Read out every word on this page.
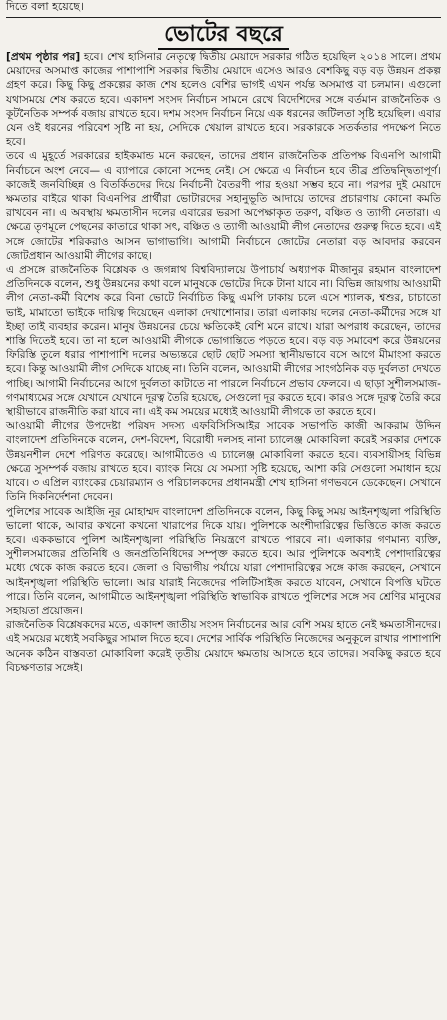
দিতে বলা হয়েছে।
ভোটের বছরে

[প্রথম পৃষ্ঠার পর] হবে। শেখ হাসিনার নেতৃত্বে দ্বিতীয় মেয়াদে সরকার গঠিত হয়েছিল ২০১৪ সালে। প্রথম মেয়াদের অসমাপ্ত কাজের পাশাপাশি সরকার দ্বিতীয় মেয়াদে এসেও আরও বেশকিছু বড় বড় উন্নয়ন প্রকল্প গ্রহণ করে। কিছু কিছু প্রকল্পের কাজ শেষ হলেও বেশির ভাগই এখন পর্যন্ত অসমাপ্ত বা চলমান। এগুলো যথাসময়ে শেষ করতে হবে। একাদশ সংসদ নির্বাচন সামনে রেখে বিদেশিদের সঙ্গে বর্তমান রাজনৈতিক ও কূটনৈতিক সম্পর্ক বজায় রাখতে হবে। দশম সংসদ নির্বাচন নিয়ে এক ধরনের জটিলতা সৃষ্টি হয়েছিল। এবার যেন ওই ধরনের পরিবেশ সৃষ্টি না হয়, সেদিকে খেয়াল রাখতে হবে। সরকারকে সতর্কতার পদক্ষেপ নিতে হবে।

তবে এ মুহূর্তে সরকারের হাইকমান্ড মনে করছেন, তাদের প্রধান রাজনৈতিক প্রতিপক্ষ বিএনপি আগামী নির্বাচনে অংশ নেবে— এ ব্যাপারে কোনো সন্দেহ নেই। সে ক্ষেত্রে এ নির্বাচন হবে তীব্র প্রতিদ্বন্দ্বিতাপূর্ণ। কাজেই জনবিচ্ছিন্ন ও বিতর্কিতদের দিয়ে নির্বাচনী বৈতরণী পার হওয়া সম্ভব হবে না। পরপর দুই মেয়াদে ক্ষমতার বাইরে থাকা বিএনপির প্রার্থীরা ভোটারদের সহানুভূতি আদায়ে তাদের প্রচারণায় কোনো কমতি রাখবেন না। এ অবস্থায় ক্ষমতাসীন দলের এবারের ভরসা অপেক্ষাকৃত তরুণ, বঞ্চিত ও ত্যাগী নেতারা। এ ক্ষেত্রে তৃণমূলে পেছনের কাতারে থাকা সৎ, বঞ্চিত ও ত্যাগী আওয়ামী লীগ নেতাদের গুরুত্ব দিতে হবে। এই সঙ্গে জোটের শরিকরাও আসন ভাগাভাগি। আগামী নির্বাচনে জোটের নেতারা বড় আবদার করবেন জোটপ্রধান আওয়ামী লীগের কাছে।

এ প্রসঙ্গে রাজনৈতিক বিশ্লেষক ও জগন্নাথ বিশ্ববিদ্যালয়ে উপাচার্য অধ্যাপক মীজানুর রহমান বাংলাদেশ প্রতিদিনকে বলেন, শুধু উন্নয়নের কথা বলে মানুষকে ভোটের দিকে টানা যাবে না। বিভিন্ন জায়গায় আওয়ামী লীগ নেতা-কর্মী বিশেষ করে বিনা ভোটে নির্বাচিত কিছু এমপি ঢাকায় চলে এসে শ্যালক, শ্বশুর, চাচাতো ভাই, মামাতো ভাইকে দায়িত্ব দিয়েছেন এলাকা দেখাশোনার। তারা এলাকায় দলের নেতা-কর্মীদের সঙ্গে যা ইচ্ছা তাই ব্যবহার করেন। মানুষ উন্নয়নের চেয়ে ক্ষতিকেই বেশি মনে রাখে। যারা অপরাধ করেছেন, তাদের শাস্তি দিতেই হবে। তা না হলে আওয়ামী লীগকে ভোগান্তিতে পড়তে হবে। বড় বড় সমাবেশ করে উন্নয়নের ফিরিস্তি তুলে ধরার পাশাপাশি দলের অভ্যন্তরে ছোট ছোট সমস্যা স্থানীয়ভাবে বসে আগে মীমাংসা করতে হবে। কিন্তু আওয়ামী লীগ সেদিকে যাচ্ছে না। তিনি বলেন, আওয়ামী লীগের সাংগঠনিক বড় দুর্বলতা দেখতে পাচ্ছি। আগামী নির্বাচনের আগে দুর্বলতা কাটাতে না পারলে নির্বাচনে প্রভাব ফেলবে। এ ছাড়া সুশীলসমাজ-গণমাধ্যমের সঙ্গে যেখানে যেখানে দূরত্ব তৈরি হয়েছে, সেগুলো দূর করতে হবে। কারও সঙ্গে দূরত্ব তৈরি করে স্থায়ীভাবে রাজনীতি করা যাবে না। এই কম সময়ের মধ্যেই আওয়ামী লীগকে তা করতে হবে।

আওয়ামী লীগের উপদেষ্টা পরিষদ সদস্য এফবিসিসিআইর সাবেক সভাপতি কাজী আকরাম উদ্দিন বাংলাদেশ প্রতিদিনকে বলেন, দেশ-বিদেশ, বিরোধী দলসহ নানা চ্যালেঞ্জ মোকাবিলা করেই সরকার দেশকে উন্নয়নশীল দেশে পরিণত করেছে। আগামীতেও এ চ্যালেঞ্জ মোকাবিলা করতে হবে। ব্যবসায়ীসহ বিভিন্ন ক্ষেত্রে সুসম্পর্ক বজায় রাখতে হবে। ব্যাংক নিয়ে যে সমস্যা সৃষ্টি হয়েছে, আশা করি সেগুলো সমাধান হয়ে যাবে। ৩ এপ্রিল ব্যাংকের চেয়ারম্যান ও পরিচালকদের প্রধানমন্ত্রী শেখ হাসিনা গণভবনে ডেকেছেন। সেখানে তিনি দিকনির্দেশনা দেবেন।

পুলিশের সাবেক আইজি নূর মোহাম্মদ বাংলাদেশ প্রতিদিনকে বলেন, কিছু কিছু সময় আইনশৃঙ্খলা পরিস্থিতি ভালো থাকে, আবার কখনো কখনো খারাপের দিকে যায়। পুলিশকে অংশীদারিত্বের ভিত্তিতে কাজ করতে হবে। এককভাবে পুলিশ আইনশৃঙ্খলা পরিস্থিতি নিয়ন্ত্রণে রাখতে পারবে না। এলাকার গণমান্য ব্যক্তি, সুশীলসমাজের প্রতিনিধি ও জনপ্রতিনিধিদের সম্পৃক্ত করতে হবে। আর পুলিশকে অবশ্যই পেশাদারিত্বের মধ্যে থেকে কাজ করতে হবে। জেলা ও বিভাগীয় পর্যায়ে যারা পেশাদারিত্বের সঙ্গে কাজ করছেন, সেখানে আইনশৃঙ্খলা পরিস্থিতি ভালো। আর যারাই নিজেদের পলিটিসাইজ করতে যাবেন, সেখানে বিপত্তি ঘটতে পারে। তিনি বলেন, আগামীতে আইনশৃঙ্খলা পরিস্থিতি স্বাভাবিক রাখতে পুলিশের সঙ্গে সব শ্রেণির মানুষের সহায়তা প্রয়োজন।

রাজনৈতিক বিশ্লেষকদের মতে, একাদশ জাতীয় সংসদ নির্বাচনের আর বেশি সময় হাতে নেই ক্ষমতাসীনদের। এই সময়ের মধ্যেই সবকিছুর সামাল দিতে হবে। দেশের সার্বিক পরিস্থিতি নিজেদের অনুকূলে রাখার পাশাপাশি অনেক কঠিন বাস্তবতা মোকাবিলা করেই তৃতীয় মেয়াদে ক্ষমতায় আসতে হবে তাদের। সবকিছু করতে হবে বিচক্ষণতার সঙ্গেই।
